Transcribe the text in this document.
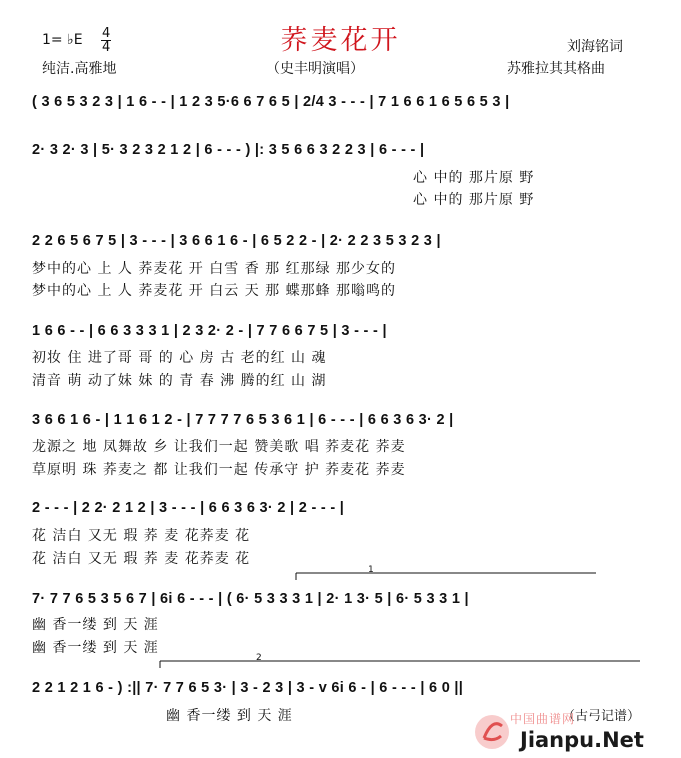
荞麦花开
1= ♭E 4
4
纯洁.高雅地	（史丰明演唱）
刘海铭词
苏雅拉其其格曲
( 3 6 5 3 2 3 | 1 6 - - | 1 2 3 5·6 6 7 6 5 | 2/4 3 - - - | 7 1 6 6 1 6 5 6 5 3 |
2· 3 2· 3 | 5· 3 2 3 2 1 2 | 6 - - - ) |: 3 5 6 6 3 2 2 3 | 6 - - - |
心 中的 那片原 野
心 中的 那片原 野
2 2 6 5 6 7 5 | 3 - - - | 3 6 6 1 6 - | 6 5 2 2 - | 2· 2 2 3 5 3 2 3 |
梦中的心 上 人 荞麦花 开 白雪 香 那 红那绿 那少女的
梦中的心 上 人 荞麦花 开 白云 天 那 蝶那蜂 那嗡鸣的
1 6 6 - - | 6 6 3 3 3 1 | 2 3 2· 2 - | 7 7 6 6 7 5 | 3 - - - |
初妆 住 进了哥 哥 的 心 房 古 老的红 山 魂
清音 萌 动了妹 妹 的 青 春 沸 腾的红 山 湖
3 6 6 1 6 - | 1 1 6 1 2 - | 7 7 7 7 6 5 3 6 1 | 6 - - - | 6 6 3 6 3· 2 |
龙源之 地 凤舞故 乡 让我们一起 赞美歌 唱 荞麦花 荞麦
草原明 珠 荞麦之 都 让我们一起 传承守 护 荞麦花 荞麦
2 - - - | 2 2· 2 1 2 | 3 - - - | 6 6 3 6 3· 2 | 2 - - - |
花 洁白 又无 瑕 荞 麦 花荞麦 花
花 洁白 又无 瑕 荞 麦 花荞麦 花
1
7· 7 7 6 5 3 5 6 7 | 6i 6 - - - | ( 6· 5 3 3 3 1 | 2· 1 3· 5 | 6· 5 3 3 1 |
幽 香一缕 到 天 涯
幽 香一缕 到 天 涯
2
2 2 1 2 1 6 - ) :|| 7· 7 7 6 5 3· | 3 - 2 3 | 3 - v 6i 6 - | 6 - - - | 6 0 ||
幽 香一缕 到 天 涯	（古弓记谱）
中国曲谱网
Jianpu.Net
